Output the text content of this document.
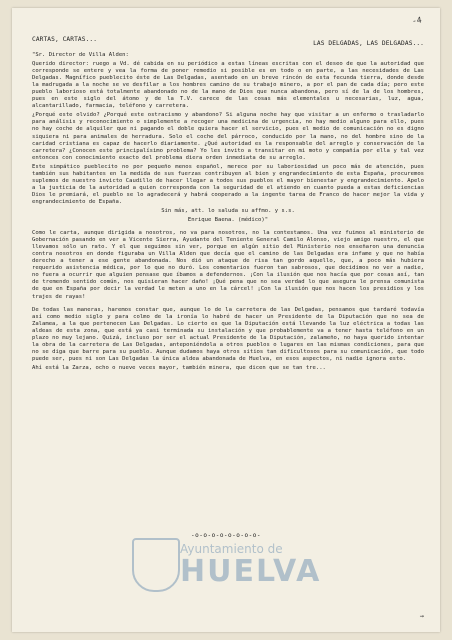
-4
CARTAS, CARTAS...
LAS DELGADAS, LAS DELGADAS...

"Sr. Director de Villa Alden:

Querido director: ruego a Vd. dé cabida en su periódico a estas líneas escritas con el deseo de que la autoridad que corresponde se entere y vea la forma de poner remedio si posible es en todo o en parte, a las necesidades de Las Delgadas. Magnífico pueblecito éste de Las Delgadas, asentado en un breve rincón de esta fecunda tierra, donde desde la madrugada a la noche se ve desfilar a los hombres camino de su trabajo minero, a por el pan de cada día; pero este pueblo laborioso está totalmente abandonado no de la mano de Dios que nunca abandona, pero sí de la de los hombres, pues en este siglo del átomo y de la T.V. carece de las cosas más elementales u necesarias, luz, agua, alcantarillado, farmacia, teléfono y carretera.

¿Porqué este olvido? ¿Porqué este ostracismo y abandono? Si alguna noche hay que visitar a un enfermo o trasladarlo para análisis y reconocimiento o simplemente a recoger una medicina de urgencia, no hay medio alguno para ello, pues no hay coche de alquiler que ni pagando el doble quiera hacer el servicio, pues el medio de comunicación no es digno siquiera ni para animales de herradura. Solo el coche del párroco, conducido por la mano, no del hombre sino de la caridad cristiana es capaz de hacerlo diariamente. ¿Qué autoridad es la responsable del arreglo y conservación de la carretera? ¿Conocen este principalísimo problema? Yo les invito a transitar en mi moto y compañía por ella y tal vez entonces con conocimiento exacto del problema diera orden inmediata de su arreglo.

Este simpático pueblecito no por pequeño menos español, merece por su laboriosidad un poco más de atención, pues también sus habitantes en la medida de sus fuerzas contribuyen al bien y engrandecimiento de esta España, procuremos suplemos de nuestro invicto Caudillo de hacer llegar a todos sus pueblos el mayor bienestar y engrandecimiento. Apelo a la justicia de la autoridad a quien corresponda con la seguridad de el atiendo en cuanto pueda a estas deficiencias Dios le premiará, el pueblo se lo agradecerá y habrá cooperado a la ingente tarea de Franco de hacer mejor la vida y engrandecimiento de España.

Sin más, att. lo saluda su affmo. y s.s.

Enrique Baena. (médico)"

Como le carta, aunque dirigida a nosotros, no va para nosotros, no la contestamos. Una vez fuimos al ministerio de Gobernación pasando en ver a Vicente Sierra, Ayudante del Teniente General Camilo Alonso, viejo amigo nuestro, el que llevamos sólo un rato. Y el que seguimos sin ver, porque en algún sitio del Ministerio nos enseñaron una denuncia contra nosotros en donde figuraba un Villa Alden que decía que el camino de las Delgadas era infame y que no había derecho a tener a ese gente abandonada. Nos dió un ataque de risa tan gordo aquello, que, a poco más hubiera requerido asistencia médica, por lo que no duró. Los comentarios fueron tan sabrosos, que decidimos no ver a nadie, no fuera a ocurrir que alguien pensase que íbamos a defendernos. ¡Con la ilusión que nos hacía que por cosas así, tan de tremendo sentido común, nos quisieran hacer daño! ¡Qué pena que no sea verdad lo que asegura le prensa comunista de que en España por decir la verdad le meten a uno en la cárcel! ¡Con la ilusión que nos hacen los presidios y los trajes de rayas!

De todas las maneras, haremos constar que, aunque lo de la carretera de las Delgadas, pensamos que tardaré todavía así como medio siglo y para colmo de la ironía lo habré de hacer un Presidente de la Diputación que no sea de Zalamea, a la que pertenecen Las Delgadas. Lo cierto es que la Diputación está llevando la luz eléctrica a todas las aldeas de esta zona, que está ya casi terminada su instalación y que probablemente va a tener hasta teléfono en un plazo no muy lejano. Quizá, incluso por ser el actual Presidente de la Diputación, zalameño, no haya querido intentar la obra de la carretera de Las Delgadas, anteponiéndola a otros pueblos o lugares en las mismas condiciones, para que no se diga que barre para su pueblo. Aunque dudamos haya otros sitios tan dificultosos para su comunicación, que todo puede ser, pues ni son Las Delgadas la única aldea abandonada de Huelva, en esos aspectos, ni nadie ignora esto.

Ahí está la Zarza, ocho o nueve veces mayor, también minera, que dicen que se tan tre...

-o-o-o-o-o-o-o-o-
Ayuntamiento de
HUELVA
→
